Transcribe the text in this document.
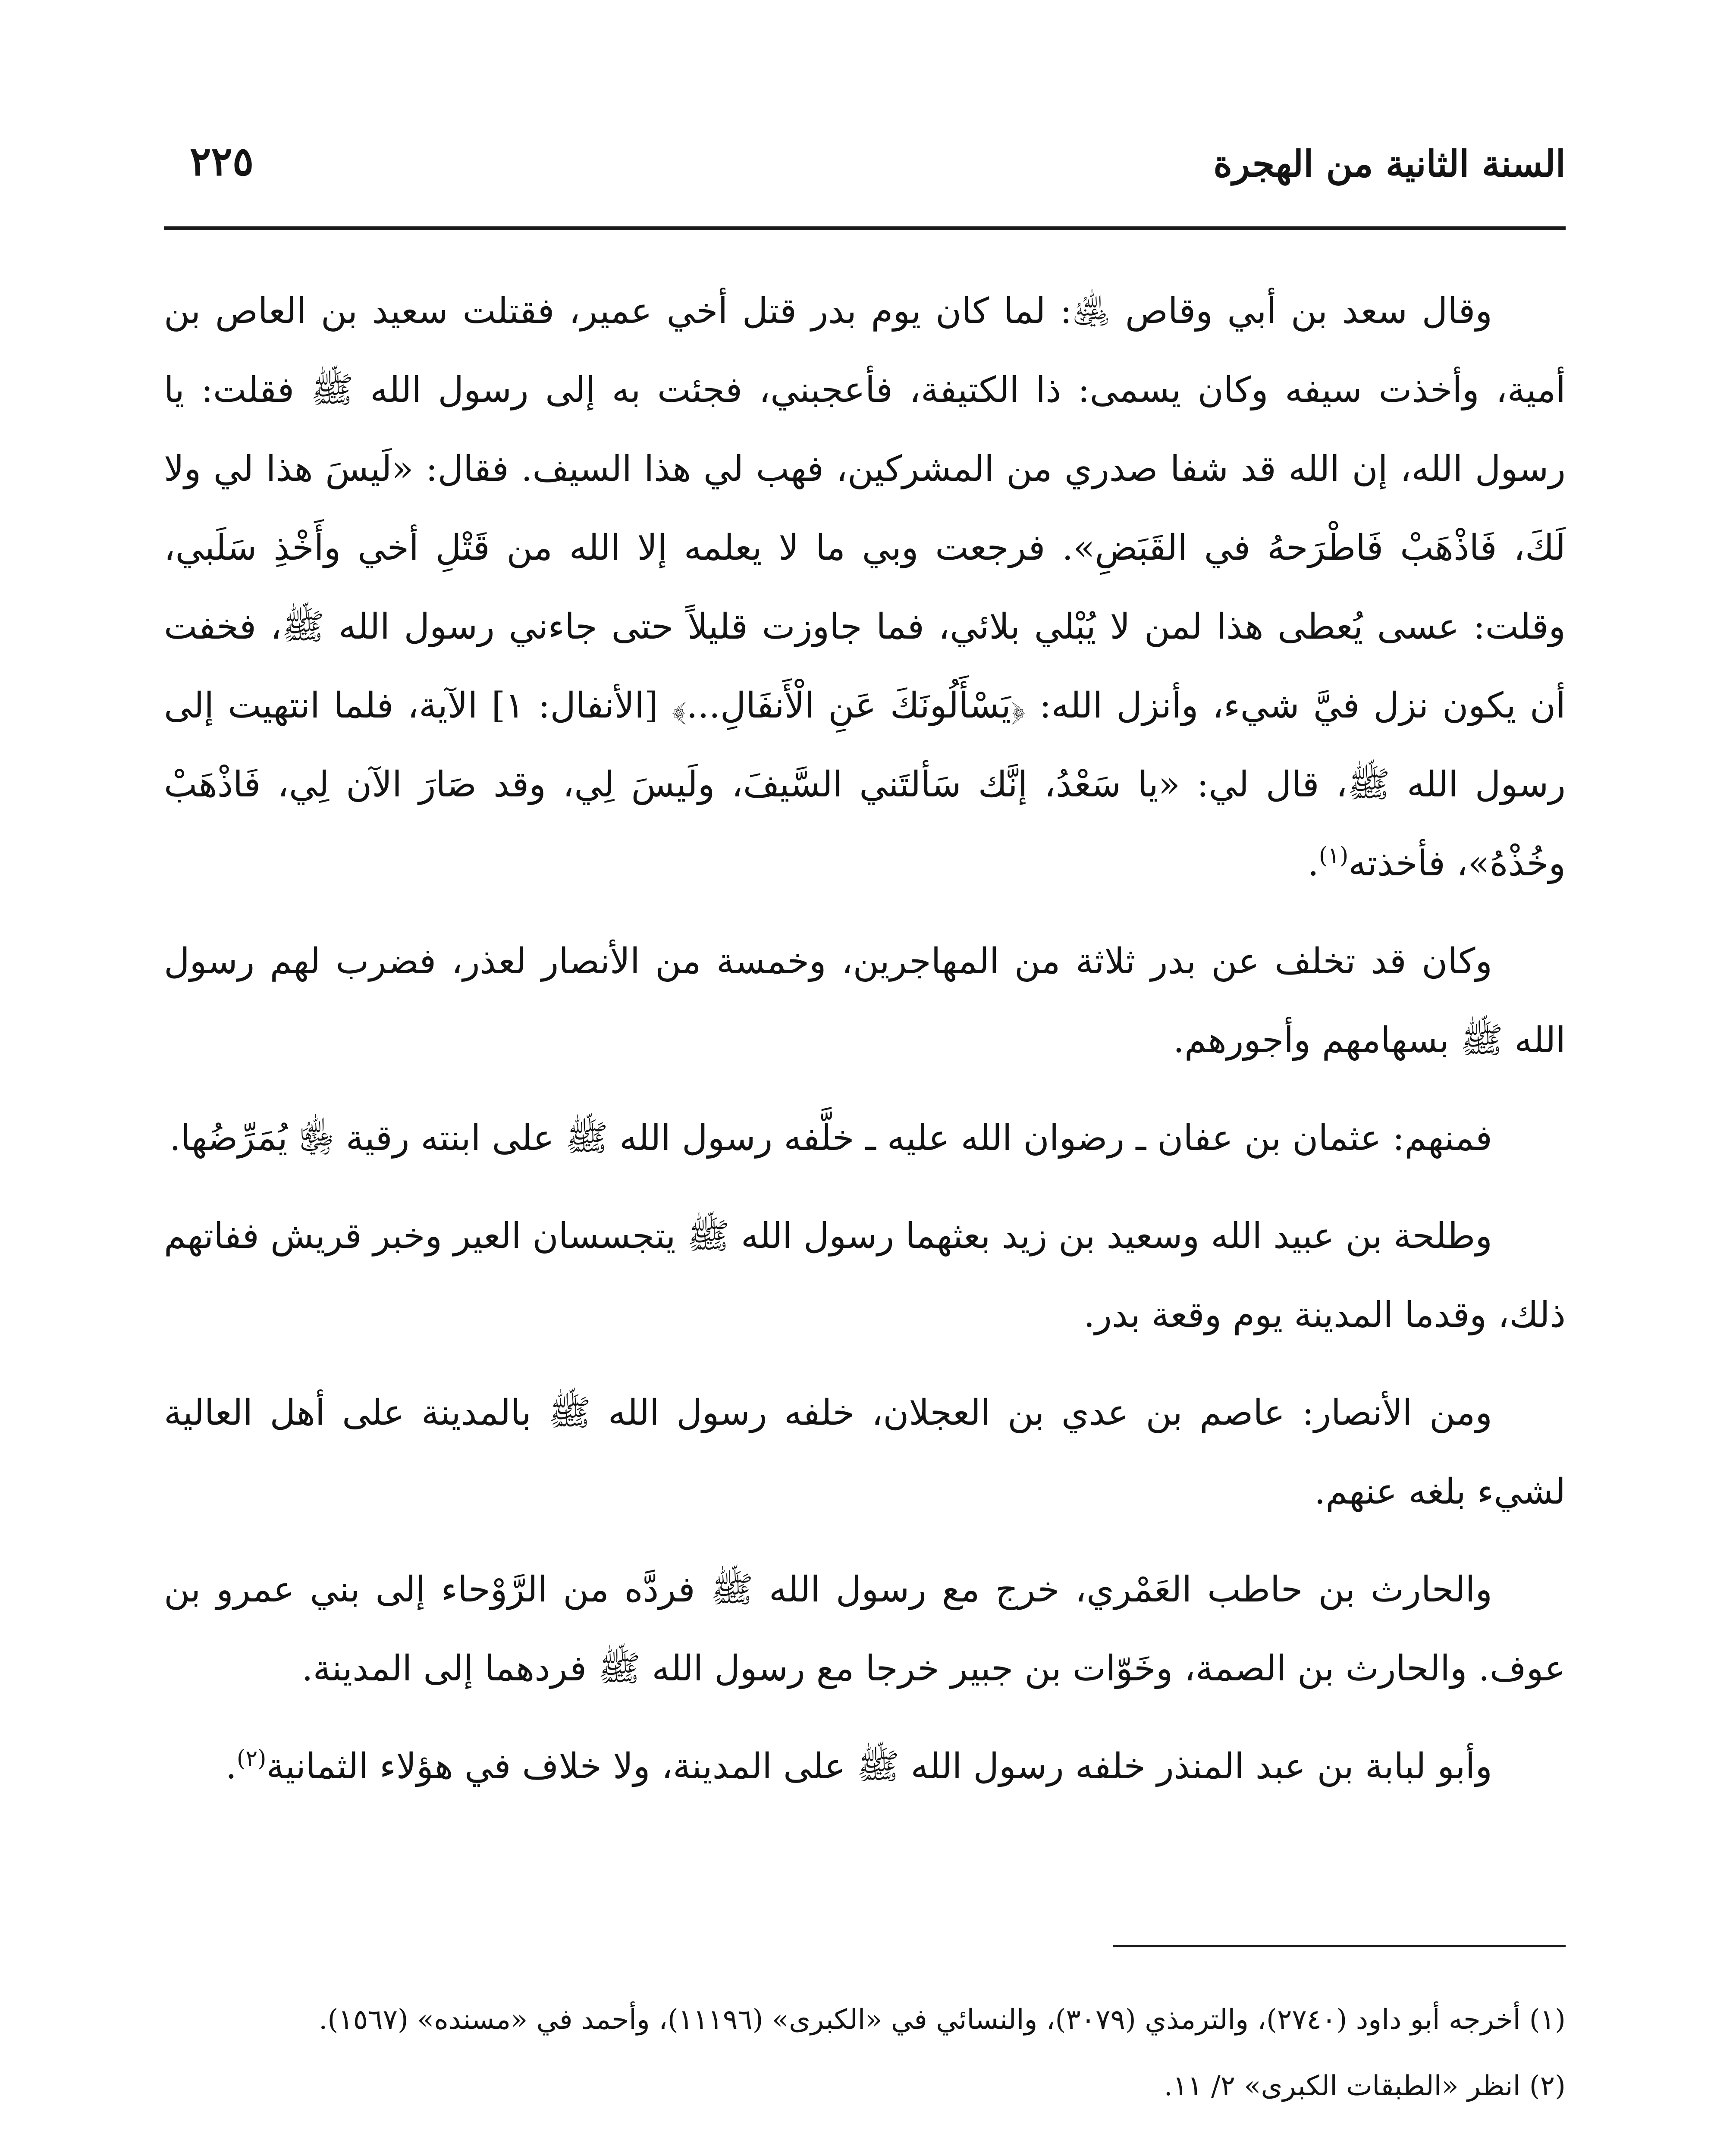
السنة الثانية من الهجرة
٢٢٥

وقال سعد بن أبي وقاص ﵁: لما كان يوم بدر قتل أخي عمير، فقتلت سعيد بن العاص بن أمية، وأخذت سيفه وكان يسمى: ذا الكتيفة، فأعجبني، فجئت به إلى رسول الله ﷺ فقلت: يا رسول الله، إن الله قد شفا صدري من المشركين، فهب لي هذا السيف. فقال: «لَيسَ هذا لي ولا لَكَ، فَاذْهَبْ فَاطْرَحهُ في القَبَضِ». فرجعت وبي ما لا يعلمه إلا الله من قَتْلِ أخي وأَخْذِ سَلَبي، وقلت: عسى يُعطى هذا لمن لا يُبْلي بلائي، فما جاوزت قليلاً حتى جاءني رسول الله ﷺ، فخفت أن يكون نزل فيَّ شيء، وأنزل الله: ﴿يَسْأَلُونَكَ عَنِ الْأَنفَالِ...﴾ [الأنفال: ١] الآية، فلما انتهيت إلى رسول الله ﷺ، قال لي: «يا سَعْدُ، إنَّك سَألتَني السَّيفَ، ولَيسَ لِي، وقد صَارَ الآن لِي، فَاذْهَبْ وخُذْهُ»، فأخذته$^{(١)}$.

وكان قد تخلف عن بدر ثلاثة من المهاجرين، وخمسة من الأنصار لعذر، فضرب لهم رسول الله ﷺ بسهامهم وأجورهم.

فمنهم: عثمان بن عفان ـ رضوان الله عليه ـ خلَّفه رسول الله ﷺ على ابنته رقية ﵂ يُمَرِّضُها.

وطلحة بن عبيد الله وسعيد بن زيد بعثهما رسول الله ﷺ يتجسسان العير وخبر قريش ففاتهم ذلك، وقدما المدينة يوم وقعة بدر.

ومن الأنصار: عاصم بن عدي بن العجلان، خلفه رسول الله ﷺ بالمدينة على أهل العالية لشيء بلغه عنهم.

والحارث بن حاطب العَمْري، خرج مع رسول الله ﷺ فردَّه من الرَّوْحاء إلى بني عمرو بن عوف. والحارث بن الصمة، وخَوّات بن جبير خرجا مع رسول الله ﷺ فردهما إلى المدينة.

وأبو لبابة بن عبد المنذر خلفه رسول الله ﷺ على المدينة، ولا خلاف في هؤلاء الثمانية$^{(٢)}$.

(١) أخرجه أبو داود (٢٧٤٠)، والترمذي (٣٠٧٩)، والنسائي في «الكبرى» (١١١٩٦)، وأحمد في «مسنده» (١٥٦٧).

(٢) انظر «الطبقات الكبرى» ٢/ ١١.
